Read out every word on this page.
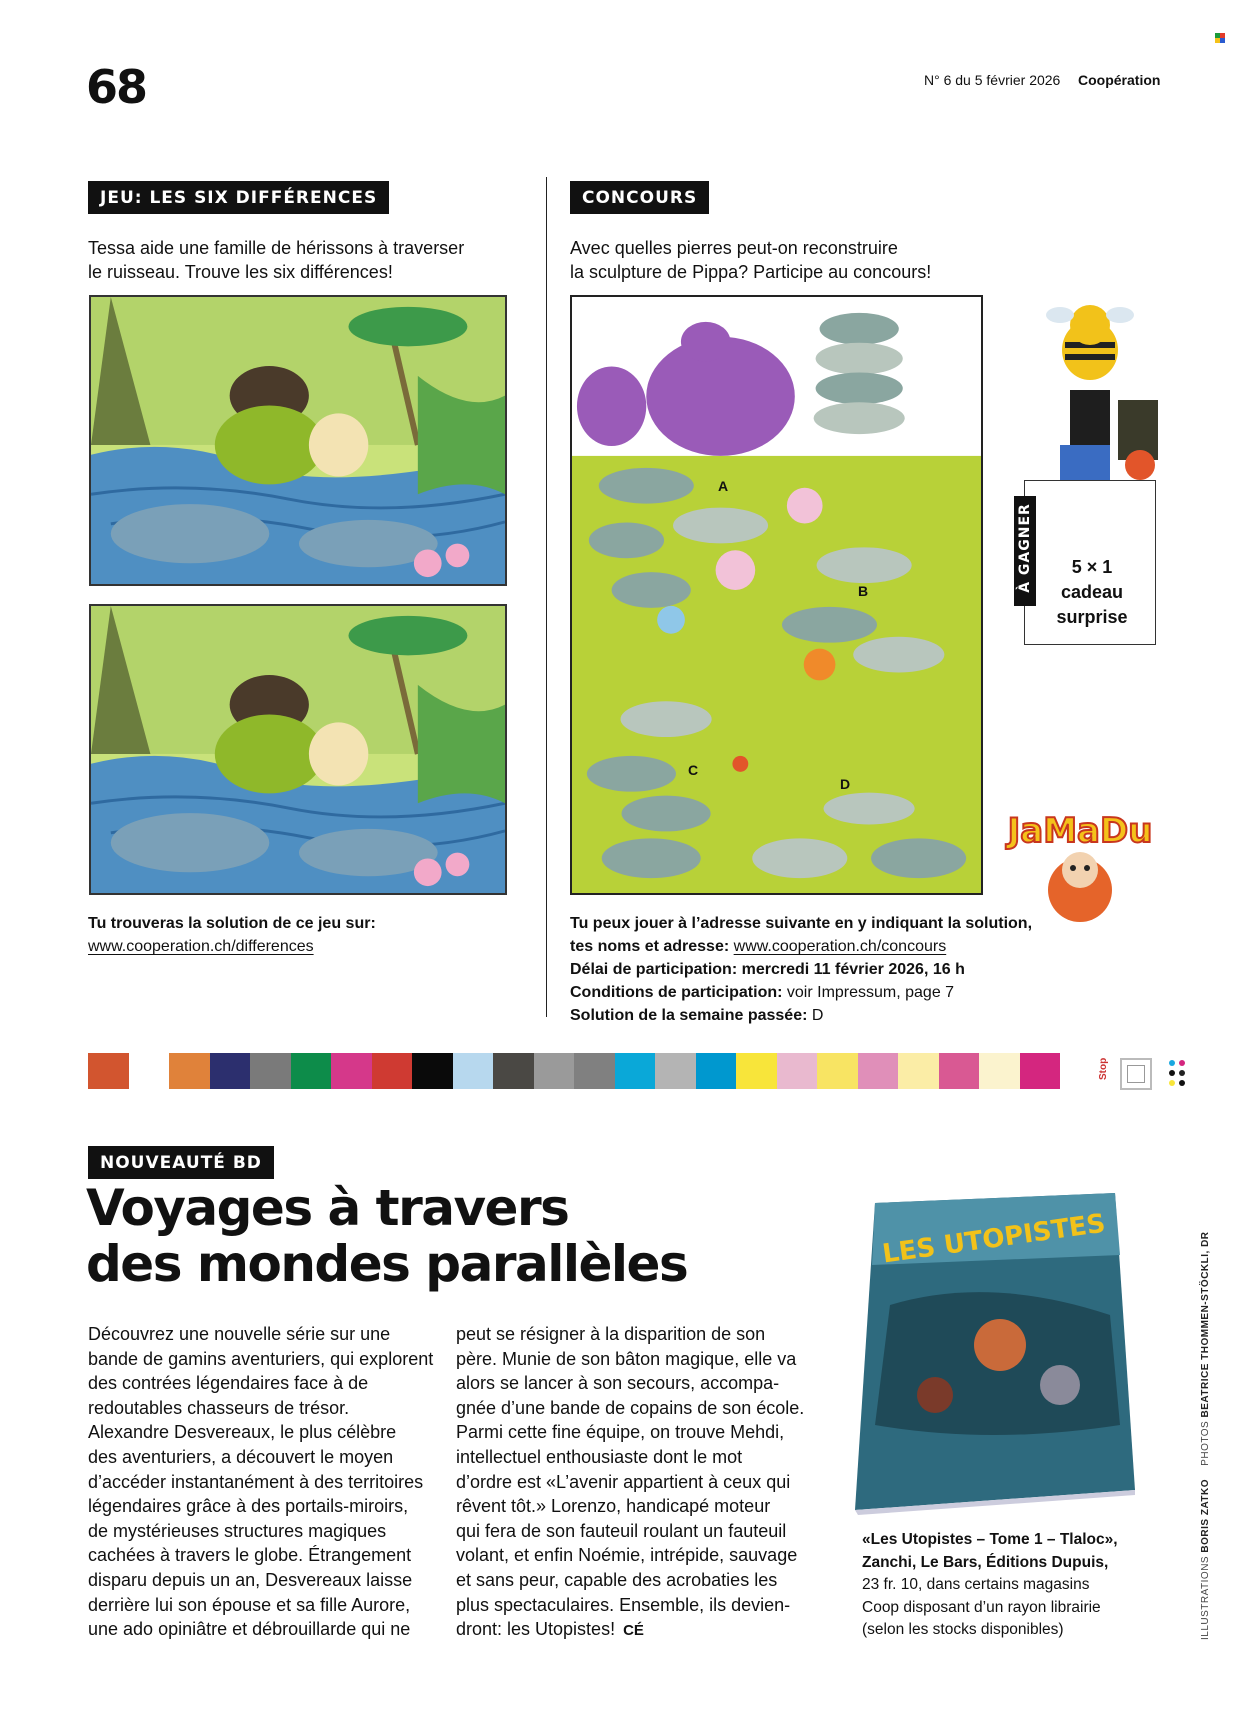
68	N° 6 du 5 février 2026 Coopération
JEU: LES SIX DIFFÉRENCES
Tessa aide une famille de hérissons à traverser
le ruisseau. Trouve les six différences!
Tu trouveras la solution de ce jeu sur:
www.cooperation.ch/differences
CONCOURS
Avec quelles pierres peut-on reconstruire
la sculpture de Pippa? Participe au concours!
A
B
C
D
À GAGNER	5 × 1
cadeau
surprise
JaMaDu
Tu peux jouer à l’adresse suivante en y indiquant la solution,
tes noms et adresse: www.cooperation.ch/concours
Délai de participation: mercredi 11 février 2026, 16 h
Conditions de participation: voir Impressum, page 7
Solution de la semaine passée: D
Stop
NOUVEAUTÉ BD
Voyages à travers
des mondes parallèles
Découvrez une nouvelle série sur une
bande de gamins aventuriers, qui explorent
des contrées légendaires face à de
redoutables chasseurs de trésor.
Alexandre Desvereaux, le plus célèbre
des aventuriers, a découvert le moyen
d’accéder instantanément à des territoires
légendaires grâce à des portails-miroirs,
de mystérieuses structures magiques
cachées à travers le globe. Étrangement
disparu depuis un an, Desvereaux laisse
derrière lui son épouse et sa fille Aurore,
une ado opiniâtre et débrouillarde qui ne
peut se résigner à la disparition de son
père. Munie de son bâton magique, elle va
alors se lancer à son secours, accompa-
gnée d’une bande de copains de son école.
Parmi cette fine équipe, on trouve Mehdi,
intellectuel enthousiaste dont le mot
d’ordre est «L’avenir appartient à ceux qui
rêvent tôt.» Lorenzo, handicapé moteur
qui fera de son fauteuil roulant un fauteuil
volant, et enfin Noémie, intrépide, sauvage
et sans peur, capable des acrobaties les
plus spectaculaires. Ensemble, ils devien-
dront: les Utopistes! CÉ
LES UTOPISTES
«Les Utopistes – Tome 1 – Tlaloc»,
Zanchi, Le Bars, Éditions Dupuis,
23 fr. 10, dans certains magasins
Coop disposant d’un rayon librairie
(selon les stocks disponibles)	ILLUSTRATIONS BORIS ZATKO    PHOTOS BEATRICE THOMMEN-STÖCKLI, DR
